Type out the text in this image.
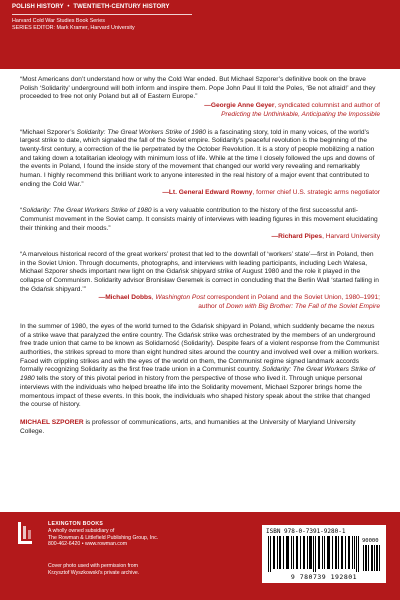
POLISH HISTORY • TWENTIETH-CENTURY HISTORY
Harvard Cold War Studies Book Series
SERIES EDITOR: Mark Kramer, Harvard University

“Most Americans don’t understand how or why the Cold War ended. But Michael Szporer’s definitive book on the brave Polish ‘Solidarity’ underground will both inform and inspire them. Pope John Paul II told the Poles, ‘Be not afraid!’ and they proceeded to free not only Poland but all of Eastern Europe.”

—Georgie Anne Geyer, syndicated columnist and author of

Predicting the Unthinkable, Anticipating the Impossible

“Michael Szporer’s Solidarity: The Great Workers Strike of 1980 is a fascinating story, told in many voices, of the world’s largest strike to date, which signaled the fall of the Soviet empire. Solidarity’s peaceful revolution is the beginning of the twenty-first century, a correction of the lie perpetrated by the October Revolution. It is a story of people mobilizing a nation and taking down a totalitarian ideology with minimum loss of life. While at the time I closely followed the ups and downs of the events in Poland, I found the inside story of the movement that changed our world very revealing and remarkably human. I highly recommend this brilliant work to anyone interested in the real history of a major event that contributed to ending the Cold War.”

—Lt. General Edward Rowny, former chief U.S. strategic arms negotiator

“Solidarity: The Great Workers Strike of 1980 is a very valuable contribution to the history of the first successful anti-Communist movement in the Soviet camp. It consists mainly of interviews with leading figures in this movement elucidating their thinking and their moods.”

—Richard Pipes, Harvard University

“A marvelous historical record of the great workers’ protest that led to the downfall of ‘workers’ state’—first in Poland, then in the Soviet Union. Through documents, photographs, and interviews with leading participants, including Lech Walesa, Michael Szporer sheds important new light on the Gdańsk shipyard strike of August 1980 and the role it played in the collapse of Communism. Solidarity advisor Bronisław Geremek is correct in concluding that the Berlin Wall ‘started falling in the Gdańsk shipyard.’”

—Michael Dobbs, Washington Post correspondent in Poland and the Soviet Union, 1980–1991;

author of Down with Big Brother: The Fall of the Soviet Empire

In the summer of 1980, the eyes of the world turned to the Gdańsk shipyard in Poland, which suddenly became the nexus of a strike wave that paralyzed the entire country. The Gdańsk strike was orchestrated by the members of an underground free trade union that came to be known as Solidarność (Solidarity). Despite fears of a violent response from the Communist authorities, the strikes spread to more than eight hundred sites around the country and involved well over a million workers. Faced with crippling strikes and with the eyes of the world on them, the Communist regime signed landmark accords formally recognizing Solidarity as the first free trade union in a Communist country. Solidarity: The Great Workers Strike of 1980 tells the story of this pivotal period in history from the perspective of those who lived it. Through unique personal interviews with the individuals who helped breathe life into the Solidarity movement, Michael Szporer brings home the momentous impact of these events. In this book, the individuals who shaped history speak about the strike that changed the course of history.

MICHAEL SZPORER is professor of communications, arts, and humanities at the University of Maryland University College.

LEXINGTON BOOKS
A wholly owned subsidiary of
The Rowman & Littlefield Publishing Group, Inc.
800-462-6420 • www.rowman.com
Cover photo used with permission from
Krzysztof Wyszkowski’s private archive.
ISBN 978-0-7391-9280-1
90000
9 780739 192801
